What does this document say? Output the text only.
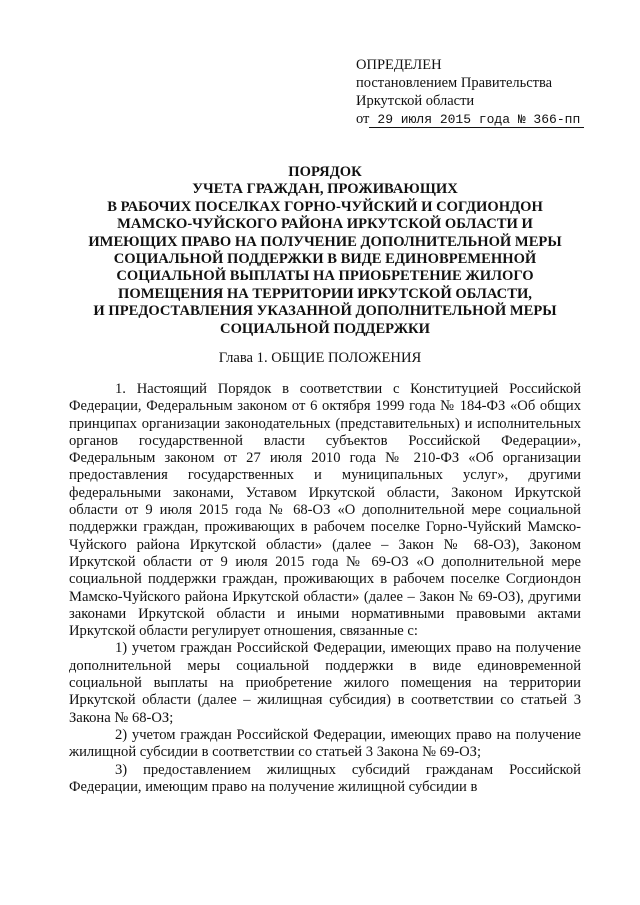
ОПРЕДЕЛЕН
постановлением Правительства
Иркутской области
от 29 июля 2015 года № 366-пп
ПОРЯДОК
УЧЕТА ГРАЖДАН, ПРОЖИВАЮЩИХ
В РАБОЧИХ ПОСЕЛКАХ ГОРНО-ЧУЙСКИЙ И СОГДИОНДОН
МАМСКО-ЧУЙСКОГО РАЙОНА ИРКУТСКОЙ ОБЛАСТИ И
ИМЕЮЩИХ ПРАВО НА ПОЛУЧЕНИЕ ДОПОЛНИТЕЛЬНОЙ МЕРЫ
СОЦИАЛЬНОЙ ПОДДЕРЖКИ В ВИДЕ ЕДИНОВРЕМЕННОЙ
СОЦИАЛЬНОЙ ВЫПЛАТЫ НА ПРИОБРЕТЕНИЕ ЖИЛОГО
ПОМЕЩЕНИЯ НА ТЕРРИТОРИИ ИРКУТСКОЙ ОБЛАСТИ,
И ПРЕДОСТАВЛЕНИЯ УКАЗАННОЙ ДОПОЛНИТЕЛЬНОЙ МЕРЫ
СОЦИАЛЬНОЙ ПОДДЕРЖКИ
Глава 1. ОБЩИЕ ПОЛОЖЕНИЯ

1. Настоящий Порядок в соответствии с Конституцией Российской Федерации, Федеральным законом от 6 октября 1999 года № 184-ФЗ «Об общих принципах организации законодательных (представительных) и исполнительных органов государственной власти субъектов Российской Федерации», Федеральным законом от 27 июля 2010 года № 210-ФЗ «Об организации предоставления государственных и муниципальных услуг», другими федеральными законами, Уставом Иркутской области, Законом Иркутской области от 9 июля 2015 года № 68-ОЗ «О дополнительной мере социальной поддержки граждан, проживающих в рабочем поселке Горно-Чуйский Мамско-Чуйского района Иркутской области» (далее – Закон № 68-ОЗ), Законом Иркутской области от 9 июля 2015 года № 69-ОЗ «О дополнительной мере социальной поддержки граждан, проживающих в рабочем поселке Согдиондон Мамско-Чуйского района Иркутской области» (далее – Закон № 69-ОЗ), другими законами Иркутской области и иными нормативными правовыми актами Иркутской области регулирует отношения, связанные с:

1) учетом граждан Российской Федерации, имеющих право на получение дополнительной меры социальной поддержки в виде единовременной социальной выплаты на приобретение жилого помещения на территории Иркутской области (далее – жилищная субсидия) в соответствии со статьей 3 Закона № 68-ОЗ;

2) учетом граждан Российской Федерации, имеющих право на получение жилищной субсидии в соответствии со статьей 3 Закона № 69-ОЗ;

3) предоставлением жилищных субсидий гражданам Российской Федерации, имеющим право на получение жилищной субсидии в
